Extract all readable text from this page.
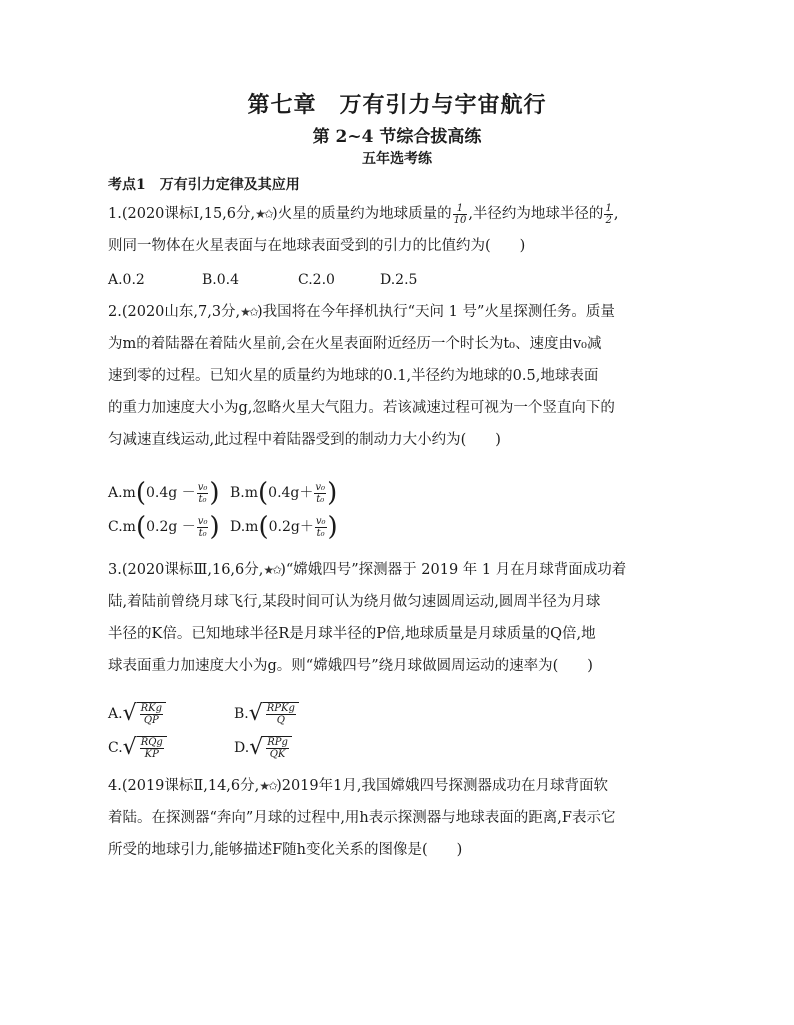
第七章　万有引力与宇宙航行
第 2~4 节综合拔高练
五年选考练
考点1　万有引力定律及其应用

1.(2020课标Ⅰ,15,6分,★✩)火星的质量约为地球质量的 $\frac{1}{10}$ ,半径约为地球半径的 $\frac{1}{2}$ ,

则同一物体在火星表面与在地球表面受到的引力的比值约为(　　)

A.0.2	B.0.4	C.2.0	D.2.5

2.(2020山东,7,3分,★✩)我国将在今年择机执行“天问 1 号”火星探测任务。质量

为m的着陆器在着陆火星前,会在火星表面附近经历一个时长为t₀、速度由v₀减

速到零的过程。已知火星的质量约为地球的0.1,半径约为地球的0.5,地球表面

的重力加速度大小为g,忽略火星大气阻力。若该减速过程可视为一个竖直向下的

匀减速直线运动,此过程中着陆器受到的制动力大小约为(　　)

$A.m(0.4g - \frac{\text{v₀}}{\text{t₀}}$ ) $B.m(0.4g+ \frac{\text{v₀}}{\text{t₀}}$ )
$C.m(0.2g - \frac{\text{v₀}}{\text{t₀}}$ ) $D.m(0.2g+ \frac{\text{v₀}}{\text{t₀}}$ )

3.(2020课标Ⅲ,16,6分,★✩)“嫦娥四号”探测器于 2019 年 1 月在月球背面成功着

陆,着陆前曾绕月球飞行,某段时间可认为绕月做匀速圆周运动,圆周半径为月球

半径的K倍。已知地球半径R是月球半径的P倍,地球质量是月球质量的Q倍,地

球表面重力加速度大小为g。则“嫦娥四号”绕月球做圆周运动的速率为(　　)

A. √ $\frac{\text{RKg}}{QP}$	B. √ $\frac{\text{RPKg}}{Q}$
C. √ $\frac{\text{RQg}}{KP}$	D. √ $\frac{\text{RPg}}{QK}$

4.(2019课标Ⅱ,14,6分,★✩)2019年1月,我国嫦娥四号探测器成功在月球背面软

着陆。在探测器“奔向”月球的过程中,用h表示探测器与地球表面的距离,F表示它

所受的地球引力,能够描述F随h变化关系的图像是(　　)
